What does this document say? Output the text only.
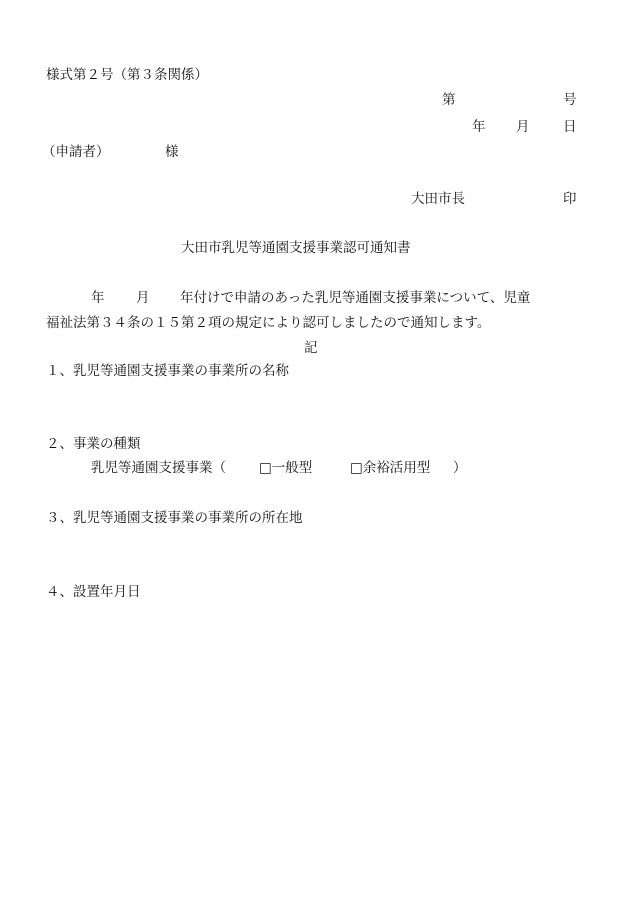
様式第２号（第３条関係）
第	号
年 月 日
（申請者）	様
大田市長	印
大田市乳児等通園支援事業認可通知書
年 月 年付けで申請のあった乳児等通園支援事業について、児童
福祉法第３４条の１５第２項の規定により認可しましたので通知します。
記
１、乳児等通園支援事業の事業所の名称
２、事業の種類
乳児等通園支援事業（ □一般型	□余裕活用型 ）
３、乳児等通園支援事業の事業所の所在地
４、設置年月日
